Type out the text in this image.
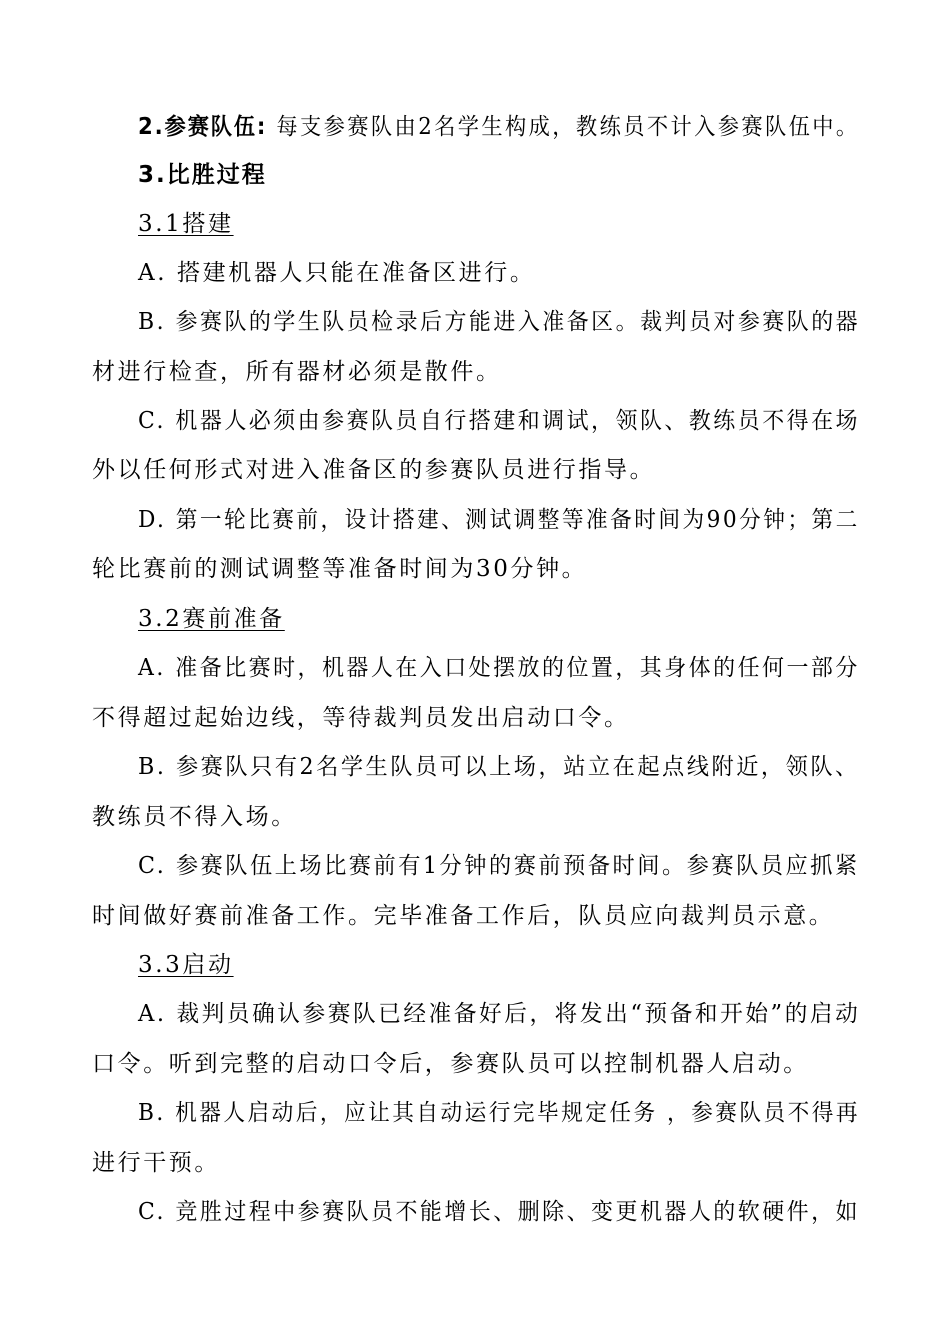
2.参赛队伍: 每支参赛队由2名学生构成，教练员不计入参赛队伍中。
3.比胜过程
3.1搭建
A. 搭建机器人只能在准备区进行。
B. 参赛队的学生队员检录后方能进入准备区。裁判员对参赛队的器
材进行检查，所有器材必须是散件。
C. 机器人必须由参赛队员自行搭建和调试，领队、教练员不得在场
外以任何形式对进入准备区的参赛队员进行指导。
D. 第一轮比赛前，设计搭建、测试调整等准备时间为90分钟；第二
轮比赛前的测试调整等准备时间为30分钟。
3.2赛前准备
A. 准备比赛时，机器人在入口处摆放的位置，其身体的任何一部分
不得超过起始边线，等待裁判员发出启动口令。
B. 参赛队只有2名学生队员可以上场，站立在起点线附近，领队、
教练员不得入场。
C. 参赛队伍上场比赛前有1分钟的赛前预备时间。参赛队员应抓紧
时间做好赛前准备工作。完毕准备工作后，队员应向裁判员示意。
3.3启动
A. 裁判员确认参赛队已经准备好后，将发出“预备和开始”的启动
口令。听到完整的启动口令后，参赛队员可以控制机器人启动。
B. 机器人启动后，应让其自动运行完毕规定任务 ，参赛队员不得再
进行干预。
C. 竞胜过程中参赛队员不能增长、删除、变更机器人的软硬件，如
